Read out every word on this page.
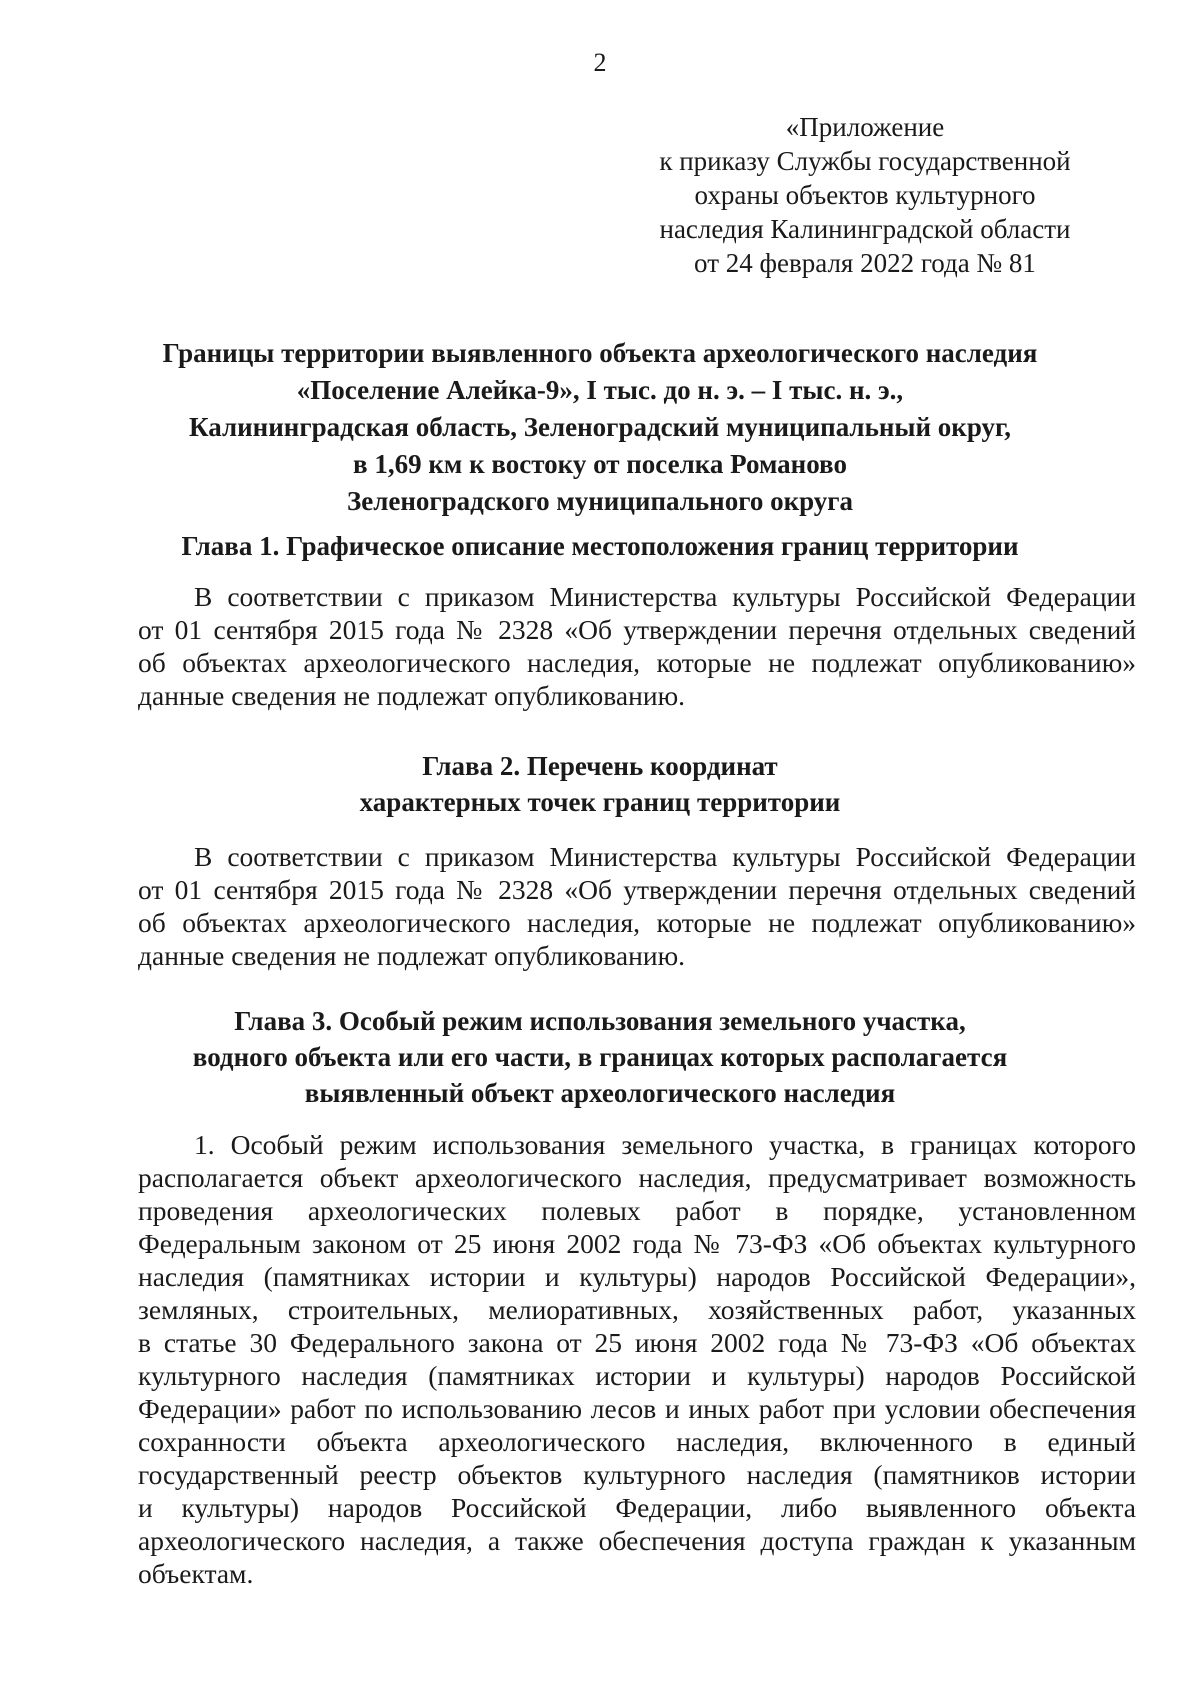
2
«Приложение
к приказу Службы государственной
охраны объектов культурного
наследия Калининградской области
от 24 февраля 2022 года № 81
Границы территории выявленного объекта археологического наследия
«Поселение Алейка-9», I тыс. до н. э. – I тыс. н. э.,
Калининградская область, Зеленоградский муниципальный округ,
в 1,69 км к востоку от поселка Романово
Зеленоградского муниципального округа
Глава 1. Графическое описание местоположения границ территории
В соответствии с приказом Министерства культуры Российской Федерации
от 01 сентября 2015 года № 2328 «Об утверждении перечня отдельных сведений
об объектах археологического наследия, которые не подлежат опубликованию»
данные сведения не подлежат опубликованию.
Глава 2. Перечень координат
характерных точек границ территории
В соответствии с приказом Министерства культуры Российской Федерации
от 01 сентября 2015 года № 2328 «Об утверждении перечня отдельных сведений
об объектах археологического наследия, которые не подлежат опубликованию»
данные сведения не подлежат опубликованию.
Глава 3. Особый режим использования земельного участка,
водного объекта или его части, в границах которых располагается
выявленный объект археологического наследия
1. Особый режим использования земельного участка, в границах которого
располагается объект археологического наследия, предусматривает возможность
проведения археологических полевых работ в порядке, установленном
Федеральным законом от 25 июня 2002 года № 73-ФЗ «Об объектах культурного
наследия (памятниках истории и культуры) народов Российской Федерации»,
земляных, строительных, мелиоративных, хозяйственных работ, указанных
в статье 30 Федерального закона от 25 июня 2002 года № 73-ФЗ «Об объектах
культурного наследия (памятниках истории и культуры) народов Российской
Федерации» работ по использованию лесов и иных работ при условии обеспечения
сохранности объекта археологического наследия, включенного в единый
государственный реестр объектов культурного наследия (памятников истории
и культуры) народов Российской Федерации, либо выявленного объекта
археологического наследия, а также обеспечения доступа граждан к указанным
объектам.
